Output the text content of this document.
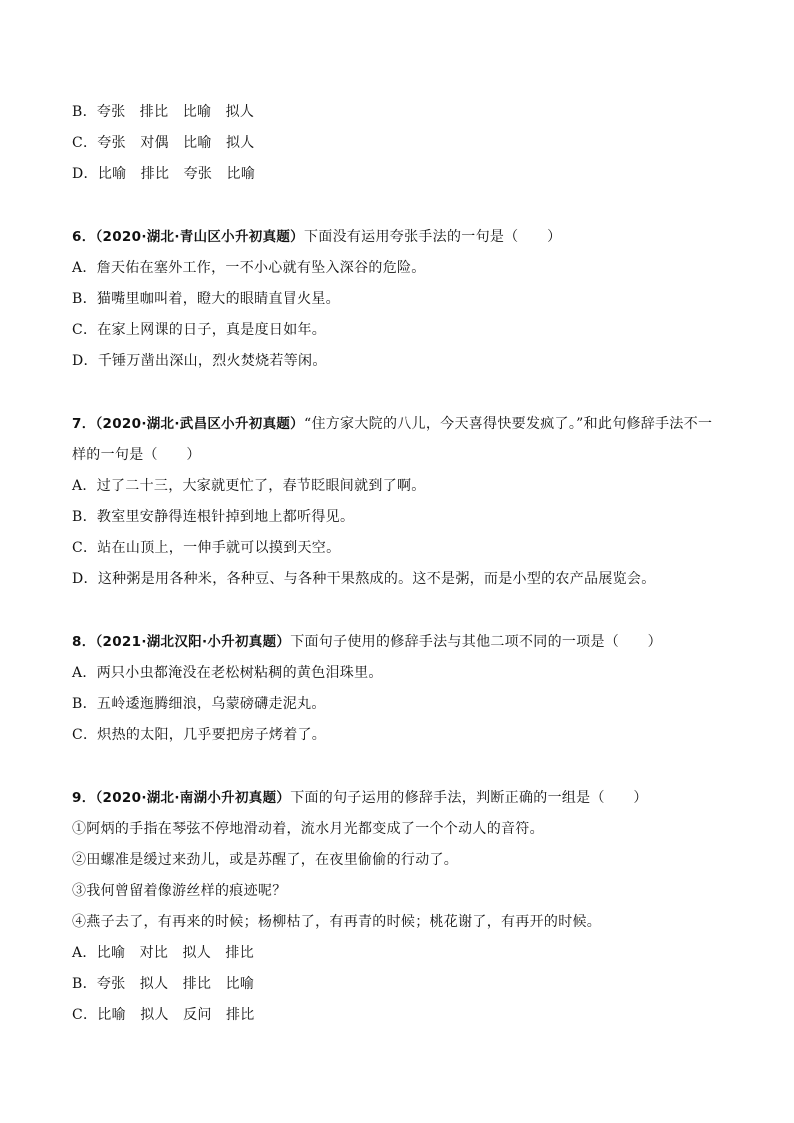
B．夸张　排比　比喻　拟人
C．夸张　对偶　比喻　拟人
D．比喻　排比　夸张　比喻
6．（2020·湖北·青山区小升初真题）下面没有运用夸张手法的一句是（　　）
A．詹天佑在塞外工作，一不小心就有坠入深谷的危险。
B．猫嘴里咖叫着，瞪大的眼睛直冒火星。
C．在家上网课的日子，真是度日如年。
D．千锤万凿出深山，烈火焚烧若等闲。
7．（2020·湖北·武昌区小升初真题）“住方家大院的八儿，今天喜得快要发疯了。”和此句修辞手法不一
样的一句是（　　）
A．过了二十三，大家就更忙了，春节眨眼间就到了啊。
B．教室里安静得连根针掉到地上都听得见。
C．站在山顶上，一伸手就可以摸到天空。
D．这种粥是用各种米，各种豆、与各种干果熬成的。这不是粥，而是小型的农产品展览会。
8．（2021·湖北汉阳·小升初真题）下面句子使用的修辞手法与其他二项不同的一项是（　　）
A．两只小虫都淹没在老松树粘稠的黄色泪珠里。
B．五岭逶迤腾细浪，乌蒙磅礴走泥丸。
C．炽热的太阳，几乎要把房子烤着了。
9．（2020·湖北·南湖小升初真题）下面的句子运用的修辞手法，判断正确的一组是（　　）
①阿炳的手指在琴弦不停地滑动着，流水月光都变成了一个个动人的音符。
②田螺准是缓过来劲儿，或是苏醒了，在夜里偷偷的行动了。
③我何曾留着像游丝样的痕迹呢？
④燕子去了，有再来的时候；杨柳枯了，有再青的时候；桃花谢了，有再开的时候。
A．比喻　对比　拟人　排比
B．夸张　拟人　排比　比喻
C．比喻　拟人　反问　排比
